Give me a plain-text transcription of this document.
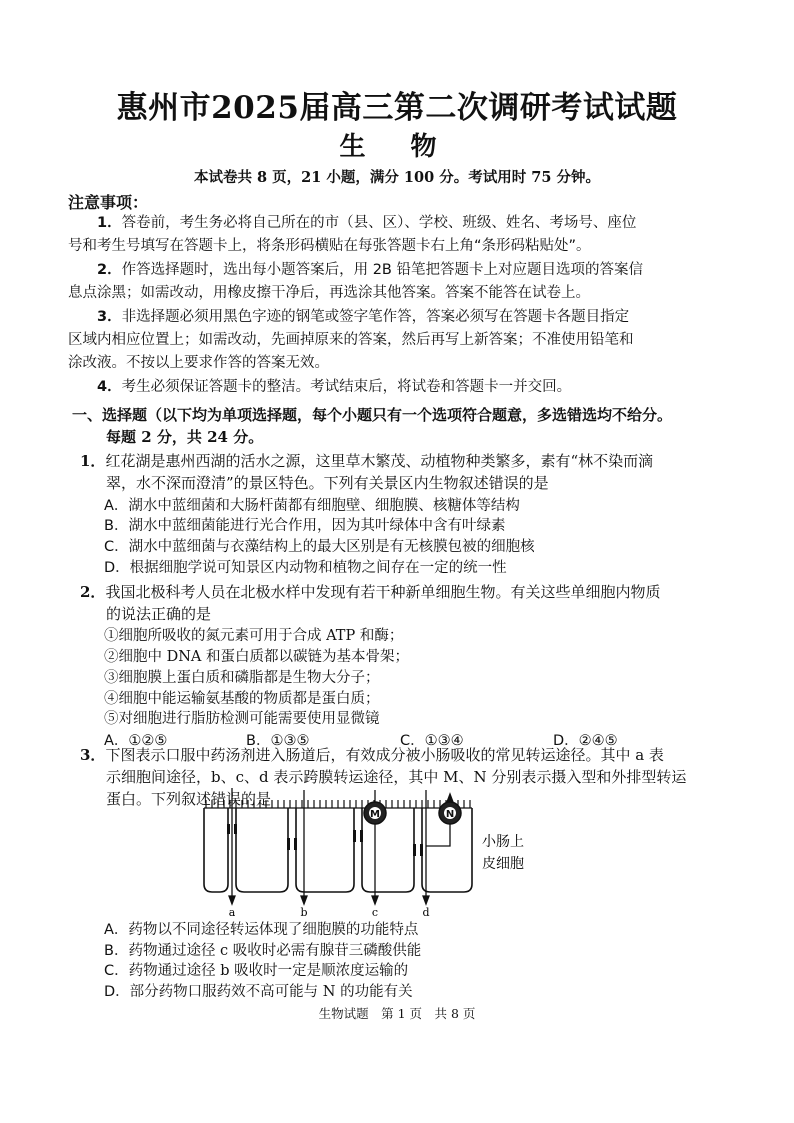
惠州市2025届高三第二次调研考试试题
生 物
本试卷共 8 页，21 小题，满分 100 分。考试用时 75 分钟。
注意事项：
1．答卷前，考生务必将自己所在的市（县、区）、学校、班级、姓名、考场号、座位
号和考生号填写在答题卡上，将条形码横贴在每张答题卡右上角“条形码粘贴处”。
2．作答选择题时，选出每小题答案后，用 2B 铅笔把答题卡上对应题目选项的答案信
息点涂黑；如需改动，用橡皮擦干净后，再选涂其他答案。答案不能答在试卷上。
3．非选择题必须用黑色字迹的钢笔或签字笔作答，答案必须写在答题卡各题目指定
区域内相应位置上；如需改动，先画掉原来的答案，然后再写上新答案；不准使用铅笔和
涂改液。不按以上要求作答的答案无效。
4．考生必须保证答题卡的整洁。考试结束后，将试卷和答题卡一并交回。
一、选择题（以下均为单项选择题，每个小题只有一个选项符合题意，多选错选均不给分。
每题 2 分，共 24 分。
1．红花湖是惠州西湖的活水之源，这里草木繁茂、动植物种类繁多，素有“林不染而滴
翠，水不深而澄清”的景区特色。下列有关景区内生物叙述错误的是
A．湖水中蓝细菌和大肠杆菌都有细胞壁、细胞膜、核糖体等结构
B．湖水中蓝细菌能进行光合作用，因为其叶绿体中含有叶绿素
C．湖水中蓝细菌与衣藻结构上的最大区别是有无核膜包被的细胞核
D．根据细胞学说可知景区内动物和植物之间存在一定的统一性
2．我国北极科考人员在北极水样中发现有若干种新单细胞生物。有关这些单细胞内物质
的说法正确的是
①细胞所吸收的氮元素可用于合成 ATP 和酶；
②细胞中 DNA 和蛋白质都以碳链为基本骨架；
③细胞膜上蛋白质和磷脂都是生物大分子；
④细胞中能运输氨基酸的物质都是蛋白质；
⑤对细胞进行脂肪检测可能需要使用显微镜
A．①②⑤	B．①③⑤	C．①③④	D．②④⑤
3．下图表示口服中药汤剂进入肠道后，有效成分被小肠吸收的常见转运途径。其中 a 表
示细胞间途径，b、c、d 表示跨膜转运途径，其中 M、N 分别表示摄入型和外排型转运
蛋白。下列叙述错误的是
M	N
a	b	c	d
小肠上
皮细胞
A．药物以不同途径转运体现了细胞膜的功能特点
B．药物通过途径 c 吸收时必需有腺苷三磷酸供能
C．药物通过途径 b 吸收时一定是顺浓度运输的
D．部分药物口服药效不高可能与 N 的功能有关
生物试题　第 1 页　共 8 页
